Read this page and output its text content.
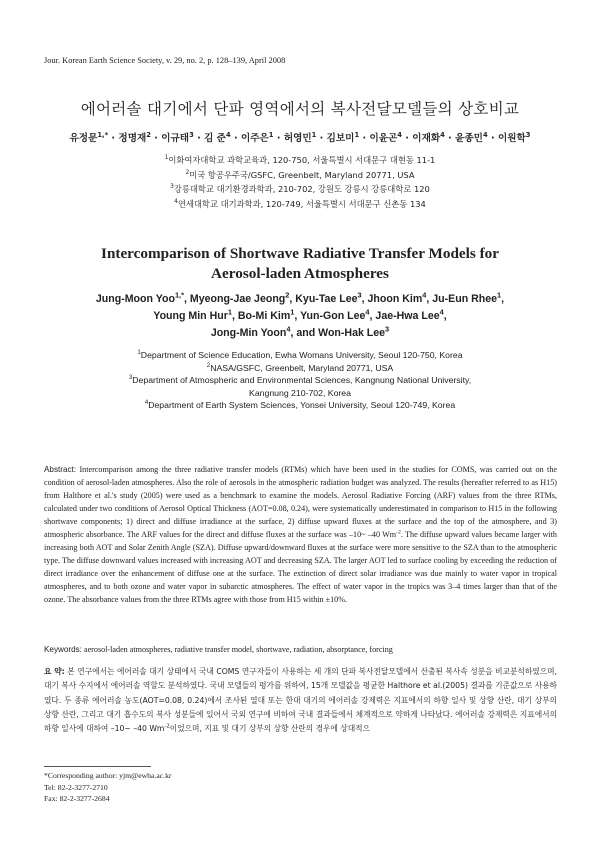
Jour. Korean Earth Science Society, v. 29, no. 2, p. 128–139, April 2008
에어러솔 대기에서 단파 영역에서의 복사전달모델들의 상호비교
유정문$^{1,*}$ · 정명재$^2$ · 이규태$^3$ · 김 준$^4$ · 이주은$^1$ · 허영민$^1$ · 김보미$^1$ · 이윤곤$^4$ · 이재화$^4$ · 윤종민$^4$ · 이원학$^3$
$^1$이화여자대학교 과학교육과, 120-750, 서울특별시 서대문구 대현동 11-1
$^2$미국 항공우주국/GSFC, Greenbelt, Maryland 20771, USA
$^3$강릉대학교 대기환경과학과, 210-702, 강원도 강릉시 강릉대학로 120
$^4$연세대학교 대기과학과, 120-749, 서울특별시 서대문구 신촌동 134
Intercomparison of Shortwave Radiative Transfer Models for
Aerosol-laden Atmospheres
Jung-Moon Yoo$^{1,*}$, Myeong-Jae Jeong$^2$, Kyu-Tae Lee$^3$, Jhoon Kim$^4$, Ju-Eun Rhee$^1$,
Young Min Hur$^1$, Bo-Mi Kim$^1$, Yun-Gon Lee$^4$, Jae-Hwa Lee$^4$,
Jong-Min Yoon$^4$, and Won-Hak Lee$^3$
$^1$Department of Science Education, Ewha Womans University, Seoul 120-750, Korea
$^2$NASA/GSFC, Greenbelt, Maryland 20771, USA
$^3$Department of Atmospheric and Environmental Sciences, Kangnung National University,
Kangnung 210-702, Korea
$^4$Department of Earth System Sciences, Yonsei University, Seoul 120-749, Korea
Abstract: Intercomparison among the three radiative transfer models (RTMs) which have been used in the studies for COMS, was carried out on the condition of aerosol-laden atmospheres. Also the role of aerosols in the atmospheric radiation budget was analyzed. The results (hereafter referred to as H15) from Halthore et al.'s study (2005) were used as a benchmark to examine the models. Aerosol Radiative Forcing (ARF) values from the three RTMs, calculated under two conditions of Aerosol Optical Thickness (AOT=0.08, 0.24), were systematically underestimated in comparison to H15 in the following shortwave components; 1) direct and diffuse irradiance at the surface, 2) diffuse upward fluxes at the surface and the top of the atmosphere, and 3) atmospheric absorbance. The ARF values for the direct and diffuse fluxes at the surface was –10~ –40 $Wm^{-2}$. The diffuse upward values became larger with increasing both AOT and Solar Zenith Angle (SZA). Diffuse upward/downward fluxes at the surface were more sensitive to the SZA than to the atmospheric type. The diffuse downward values increased with increasing AOT and decreasing SZA. The larger AOT led to surface cooling by exceeding the reduction of direct irradiance over the enhancement of diffuse one at the surface. The extinction of direct solar irradiance was due mainly to water vapor in tropical atmospheres, and to both ozone and water vapor in subarctic atmospheres. The effect of water vapor in the tropics was 3–4 times larger than that of the ozone. The absorbance values from the three RTMs agree with those from H15 within ±10%.
Keywords: aerosol-laden atmospheres, radiative transfer model, shortwave, radiation, absorptance, forcing
요 약: 본 연구에서는 에어러솔 대기 상태에서 국내 COMS 연구자들이 사용하는 세 개의 단파 복사전달모델에서 산출된 복사속 성분을 비교분석하였으며, 대기 복사 수지에서 에어러솔 역할도 분석하였다. 국내 모델들의 평가를 위하여, 15개 모델값을 평균한 Halthore et al.(2005) 결과를 기준값으로 사용하였다. 두 종류 에어러솔 농도(AOT=0.08, 0.24)에서 조사된 열대 또는 한대 대기의 에어러솔 강제력은 지표에서의 하향 일사 및 상향 산란, 대기 상부의 상향 산란, 그리고 대기 흡수도의 복사 성분들에 있어서 국외 연구에 비하여 국내 결과들에서 체계적으로 약하게 나타났다. 에어러솔 강제력은 지표에서의 하향 일사에 대하여 –10~ –40 $Wm^{-2}$이었으며, 지표 및 대기 상부의 상향 산란의 경우에 상대적으
*Corresponding author: yjm@ewha.ac.kr
Tel: 82-2-3277-2710
Fax: 82-2-3277-2684
